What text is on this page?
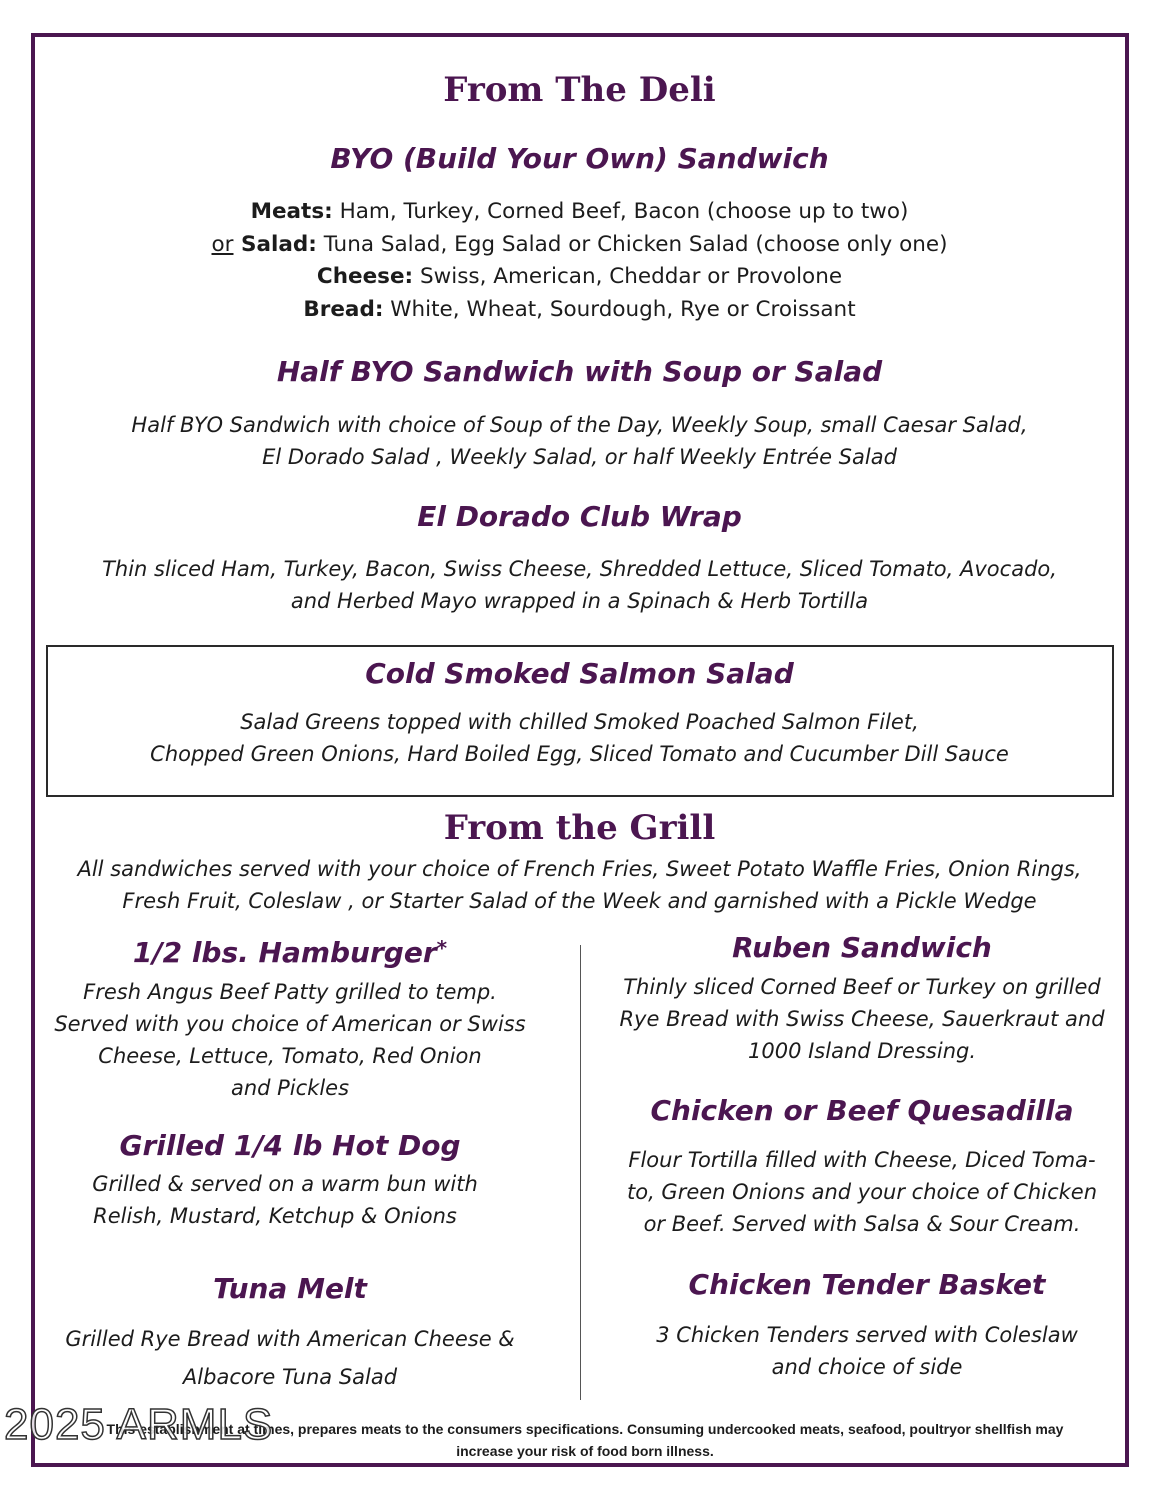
From The Deli
BYO (Build Your Own) Sandwich
Meats: Ham, Turkey, Corned Beef, Bacon (choose up to two)
or Salad: Tuna Salad, Egg Salad or Chicken Salad (choose only one)
Cheese: Swiss, American, Cheddar or Provolone
Bread: White, Wheat, Sourdough, Rye or Croissant
Half BYO Sandwich with Soup or Salad
Half BYO Sandwich with choice of Soup of the Day, Weekly Soup, small Caesar Salad,
El Dorado Salad , Weekly Salad, or half Weekly Entrée Salad
El Dorado Club Wrap
Thin sliced Ham, Turkey, Bacon, Swiss Cheese, Shredded Lettuce, Sliced Tomato, Avocado,
and Herbed Mayo wrapped in a Spinach & Herb Tortilla
Cold Smoked Salmon Salad
Salad Greens topped with chilled Smoked Poached Salmon Filet,
Chopped Green Onions, Hard Boiled Egg, Sliced Tomato and Cucumber Dill Sauce
From the Grill
All sandwiches served with your choice of French Fries, Sweet Potato Waffle Fries, Onion Rings,
Fresh Fruit, Coleslaw , or Starter Salad of the Week and garnished with a Pickle Wedge
1/2 lbs. Hamburger*
Fresh Angus Beef Patty grilled to temp.
Served with you choice of American or Swiss
Cheese, Lettuce, Tomato, Red Onion
and Pickles
Grilled 1/4 lb Hot Dog
Grilled & served on a warm bun with
Relish, Mustard, Ketchup & Onions
Tuna Melt
Grilled Rye Bread with American Cheese &
Albacore Tuna Salad
Ruben Sandwich
Thinly sliced Corned Beef or Turkey on grilled
Rye Bread with Swiss Cheese, Sauerkraut and
1000 Island Dressing.
Chicken or Beef Quesadilla
Flour Tortilla filled with Cheese, Diced Toma-
to, Green Onions and your choice of Chicken
or Beef. Served with Salsa & Sour Cream.
Chicken Tender Basket
3 Chicken Tenders served with Coleslaw
and choice of side
This establishment at times, prepares meats to the consumers specifications. Consuming undercooked meats, seafood, poultryor shellfish may
increase your risk of food born illness.
2025 ARMLS
